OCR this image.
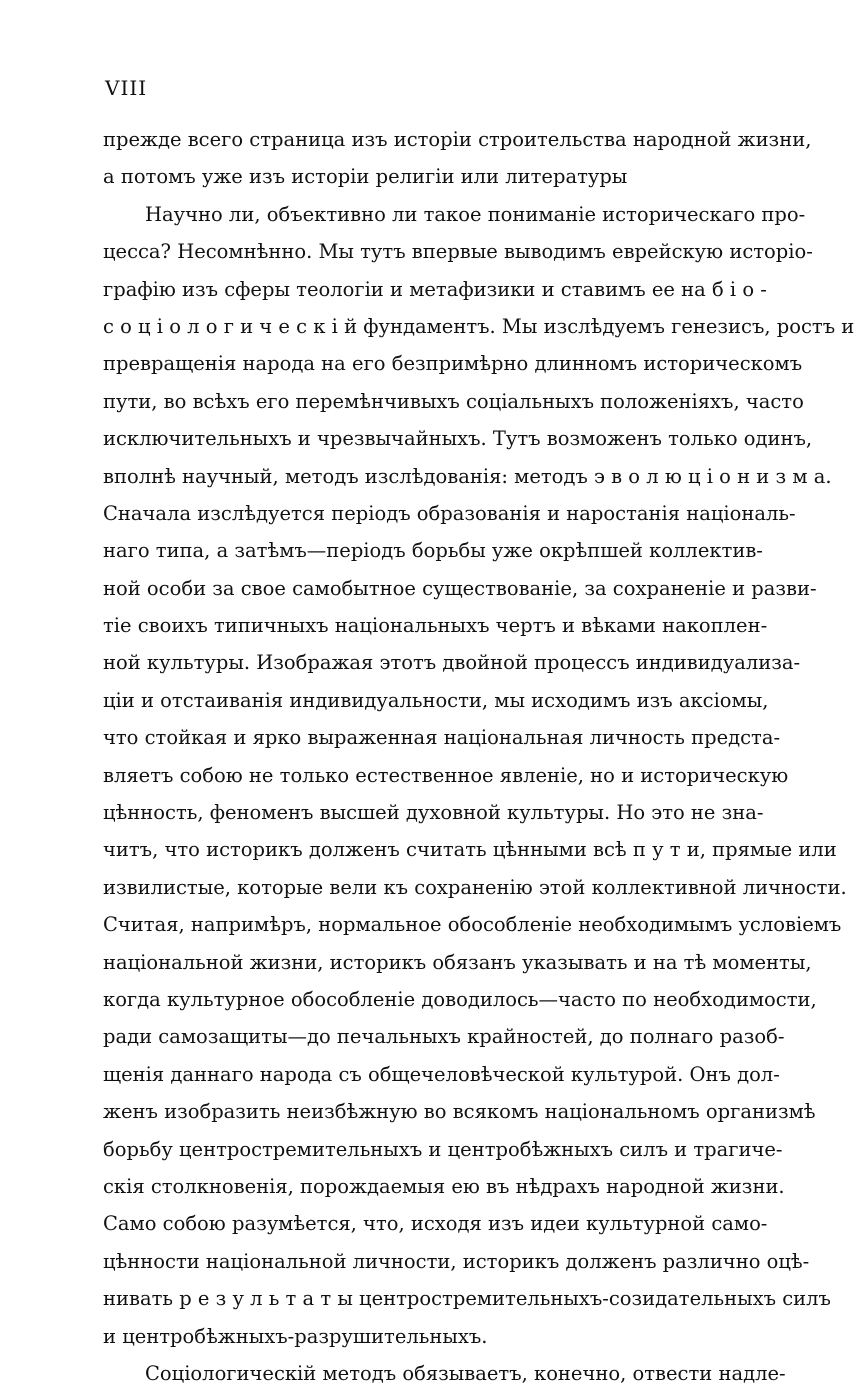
VIII
прежде всего страница изъ исторіи строительства народной жизни,
а потомъ уже изъ исторіи религіи или литературы
Научно ли, объективно ли такое пониманіе историческаго про-
цесса? Несомнѣнно. Мы тутъ впервые выводимъ еврейскую исторіо-
графію изъ сферы теологіи и метафизики и ставимъ ее на б і о -
с о ц і о л о г и ч е с к і й фундаментъ. Мы изслѣдуемъ генезисъ, ростъ и
превращенія народа на его безпримѣрно длинномъ историческомъ
пути, во всѣхъ его перемѣнчивыхъ соціальныхъ положеніяхъ, часто
исключительныхъ и чрезвычайныхъ. Тутъ возможенъ только одинъ,
вполнѣ научный, методъ изслѣдованія: методъ э в о л ю ц і о н и з м а.
Сначала изслѣдуется періодъ образованія и наростанія національ-
наго типа, а затѣмъ—періодъ борьбы уже окрѣпшей коллектив-
ной особи за свое самобытное существованіе, за сохраненіе и разви-
тіе своихъ типичныхъ національныхъ чертъ и вѣками накоплен-
ной культуры. Изображая этотъ двойной процессъ индивидуализа-
ціи и отстаиванія индивидуальности, мы исходимъ изъ аксіомы,
что стойкая и ярко выраженная національная личность предста-
вляетъ собою не только естественное явленіе, но и историческую
цѣнность, феноменъ высшей духовной культуры. Но это не зна-
читъ, что историкъ долженъ считать цѣнными всѣ п у т и, прямые или
извилистые, которые вели къ сохраненію этой коллективной личности.
Считая, напримѣръ, нормальное обособленіе необходимымъ условіемъ
національной жизни, историкъ обязанъ указывать и на тѣ моменты,
когда культурное обособленіе доводилось—часто по необходимости,
ради самозащиты—до печальныхъ крайностей, до полнаго разоб-
щенія даннаго народа съ общечеловѣческой культурой. Онъ дол-
женъ изобразить неизбѣжную во всякомъ національномъ организмѣ
борьбу центростремительныхъ и центробѣжныхъ силъ и трагиче-
скія столкновенія, порождаемыя ею въ нѣдрахъ народной жизни.
Само собою разумѣется, что, исходя изъ идеи культурной само-
цѣнности національной личности, историкъ долженъ различно оцѣ-
нивать р е з у л ь т а т ы центростремительныхъ-созидательныхъ силъ
и центробѣжныхъ-разрушительныхъ.
Соціологическій методъ обязываетъ, конечно, отвести надле-
